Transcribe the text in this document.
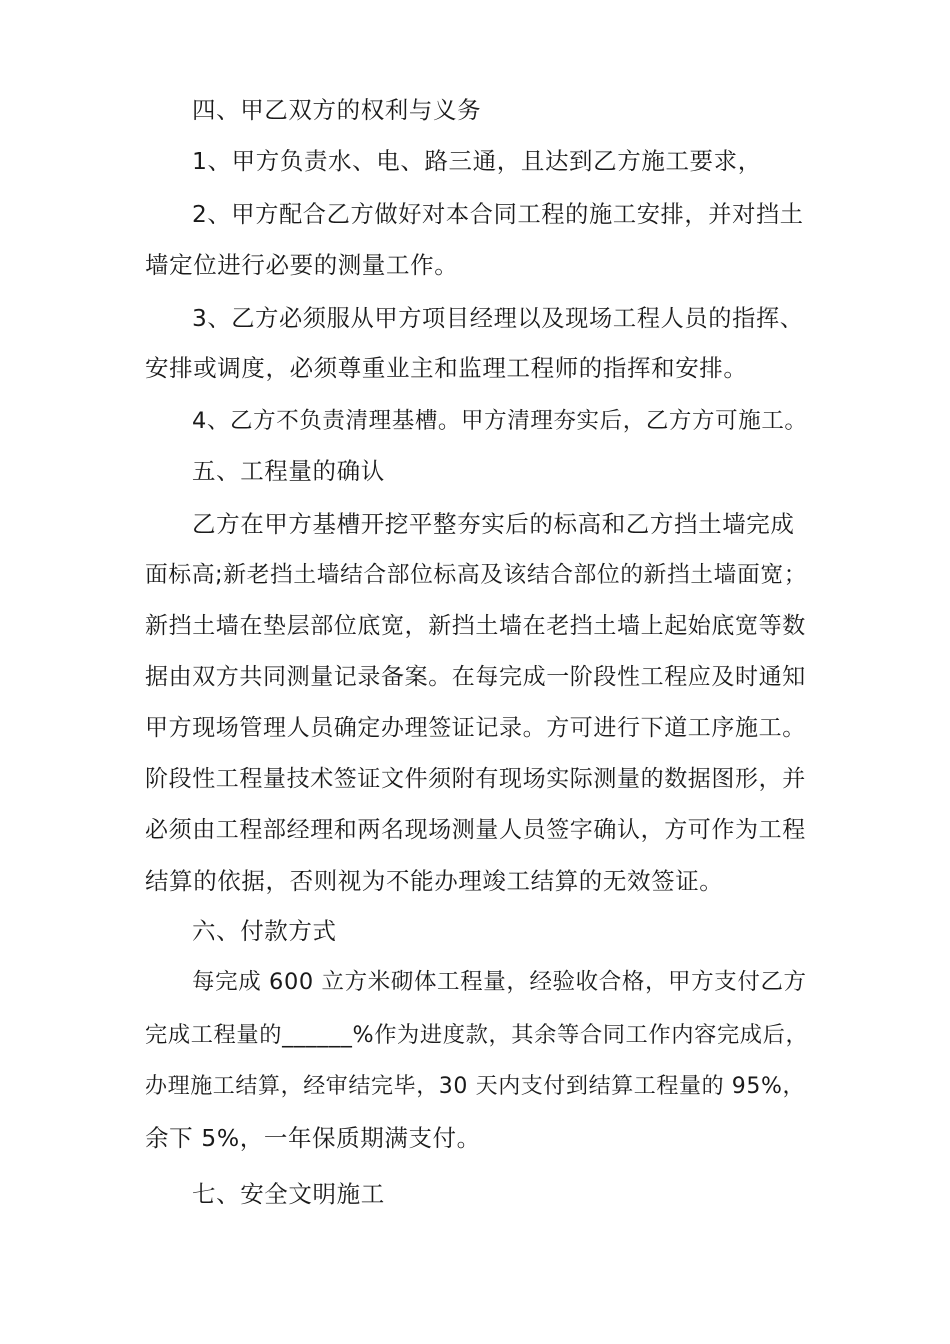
四、甲乙双方的权利与义务
1、甲方负责水、电、路三通，且达到乙方施工要求，
2、甲方配合乙方做好对本合同工程的施工安排，并对挡土
墙定位进行必要的测量工作。
3、乙方必须服从甲方项目经理以及现场工程人员的指挥、
安排或调度，必须尊重业主和监理工程师的指挥和安排。
4、乙方不负责清理基槽。甲方清理夯实后，乙方方可施工。
五、工程量的确认
乙方在甲方基槽开挖平整夯实后的标高和乙方挡土墙完成
面标高;新老挡土墙结合部位标高及该结合部位的新挡土墙面宽；
新挡土墙在垫层部位底宽，新挡土墙在老挡土墙上起始底宽等数
据由双方共同测量记录备案。在每完成一阶段性工程应及时通知
甲方现场管理人员确定办理签证记录。方可进行下道工序施工。
阶段性工程量技术签证文件须附有现场实际测量的数据图形，并
必须由工程部经理和两名现场测量人员签字确认，方可作为工程
结算的依据，否则视为不能办理竣工结算的无效签证。
六、付款方式
每完成 600 立方米砌体工程量，经验收合格，甲方支付乙方
完成工程量的______%作为进度款，其余等合同工作内容完成后，
办理施工结算，经审结完毕，30 天内支付到结算工程量的 95%，
余下 5%，一年保质期满支付。
七、安全文明施工
